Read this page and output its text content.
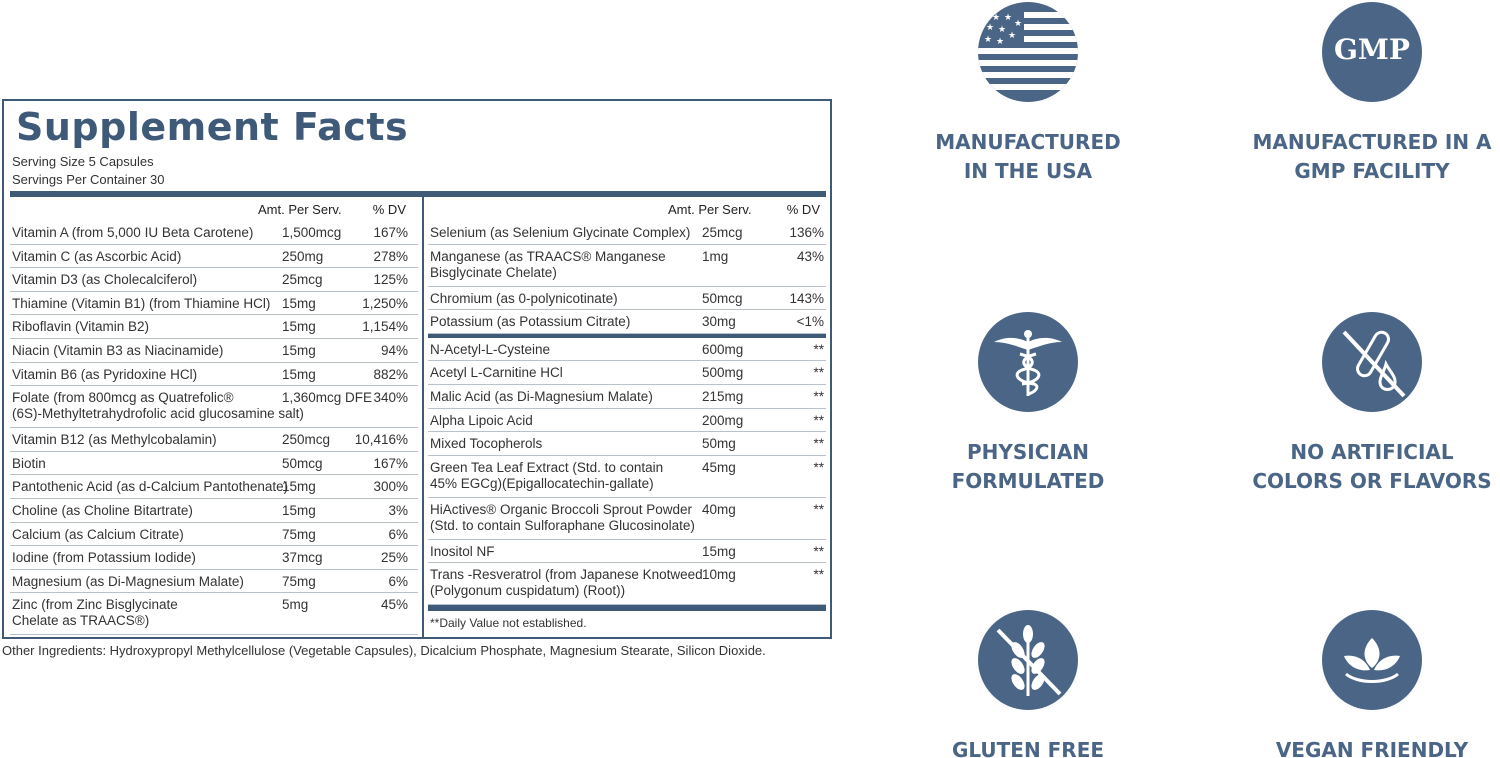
Supplement Facts
Serving Size 5 Capsules
Servings Per Container 30
Amt. Per Serv. % DV
Vitamin A (from 5,000 IU Beta Carotene) 1,500mcg 167%
Vitamin C (as Ascorbic Acid)	250mg	278%
Vitamin D3 (as Cholecalciferol)	25mcg	125%
Thiamine (Vitamin B1) (from Thiamine HCl) 15mg	1,250%
Riboflavin (Vitamin B2)	15mg	1,154%
Niacin (Vitamin B3 as Niacinamide)	15mg	94%
Vitamin B6 (as Pyridoxine HCl)	15mg	882%
Folate (from 800mcg as Quatrefolic®
(6S)-Methyltetrahydrofolic acid glucosamine salt)
1,360mcg DFE 340%
Vitamin B12 (as Methylcobalamin)	250mcg 10,416%
Biotin	50mcg	167%
Pantothenic Acid (as d-Calcium Pantothenate)
15mg	300%
Choline (as Choline Bitartrate)	15mg	3%
Calcium (as Calcium Citrate)	75mg	6%
Iodine (from Potassium Iodide)	37mcg	25%
Magnesium (as Di-Magnesium Malate)	75mg	6%
Zinc (from Zinc Bisglycinate
Chelate as TRAACS®)
5mg	45%
Amt. Per Serv.	% DV
Selenium (as Selenium Glycinate Complex) 25mcg	136%
Manganese (as TRAACS® Manganese
Bisglycinate Chelate)
1mg	43%
Chromium (as 0-polynicotinate)	50mcg	143%
Potassium (as Potassium Citrate)	30mg	<1%
N-Acetyl-L-Cysteine	600mg	**
Acetyl L-Carnitine HCl	500mg	**
Malic Acid (as Di-Magnesium Malate)	215mg	**
Alpha Lipoic Acid	200mg	**
Mixed Tocopherols	50mg	**
Green Tea Leaf Extract (Std. to contain
45% EGCg)(Epigallocatechin-gallate)
45mg	**
HiActives® Organic Broccoli Sprout Powder
(Std. to contain Sulforaphane Glucosinolate)
40mg	**
Inositol NF	15mg	**
Trans -Resveratrol (from Japanese Knotweed
(Polygonum cuspidatum) (Root))
10mg	**
**Daily Value not established.
Other Ingredients: Hydroxypropyl Methylcellulose (Vegetable Capsules), Dicalcium Phosphate, Magnesium Stearate, Silicon Dioxide.
★ ★
★
★ ★
★
★ ★
MANUFACTURED
IN THE USA
GMP
MANUFACTURED IN A
GMP FACILITY
PHYSICIAN
FORMULATED
NO ARTIFICIAL
COLORS OR FLAVORS
GLUTEN FREE	VEGAN FRIENDLY
